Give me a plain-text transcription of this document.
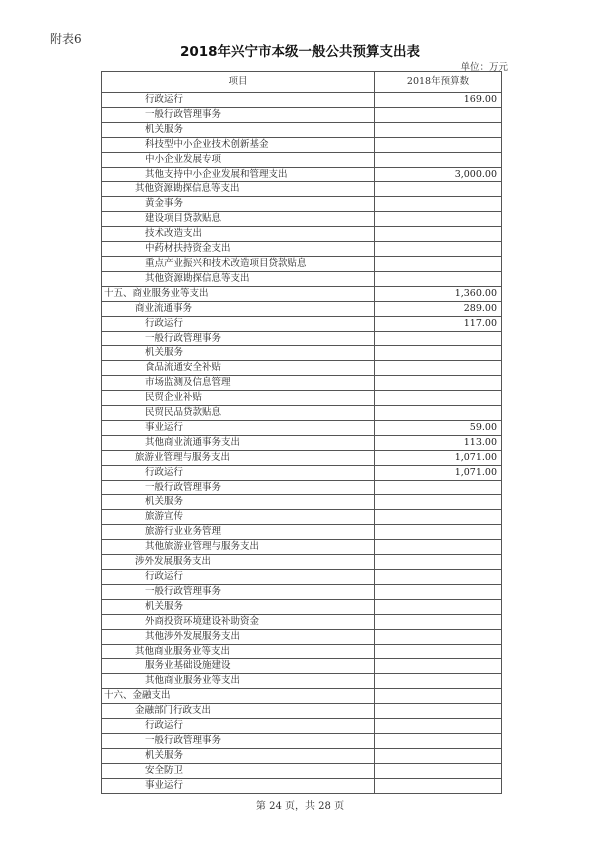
附表6
2018年兴宁市本级一般公共预算支出表
单位：万元
项目	2018年预算数
行政运行	169.00
一般行政管理事务	
机关服务	
科技型中小企业技术创新基金	
中小企业发展专项	
其他支持中小企业发展和管理支出	3,000.00
其他资源勘探信息等支出	
黄金事务	
建设项目贷款贴息	
技术改造支出	
中药材扶持资金支出	
重点产业振兴和技术改造项目贷款贴息	
其他资源勘探信息等支出	
十五、商业服务业等支出	1,360.00
商业流通事务	289.00
行政运行	117.00
一般行政管理事务	
机关服务	
食品流通安全补贴	
市场监测及信息管理	
民贸企业补贴	
民贸民品贷款贴息	
事业运行	59.00
其他商业流通事务支出	113.00
旅游业管理与服务支出	1,071.00
行政运行	1,071.00
一般行政管理事务	
机关服务	
旅游宣传	
旅游行业业务管理	
其他旅游业管理与服务支出	
涉外发展服务支出	
行政运行	
一般行政管理事务	
机关服务	
外商投资环境建设补助资金	
其他涉外发展服务支出	
其他商业服务业等支出	
服务业基础设施建设	
其他商业服务业等支出	
十六、金融支出	
金融部门行政支出	
行政运行	
一般行政管理事务	
机关服务	
安全防卫	
事业运行	
第 24 页，共 28 页
